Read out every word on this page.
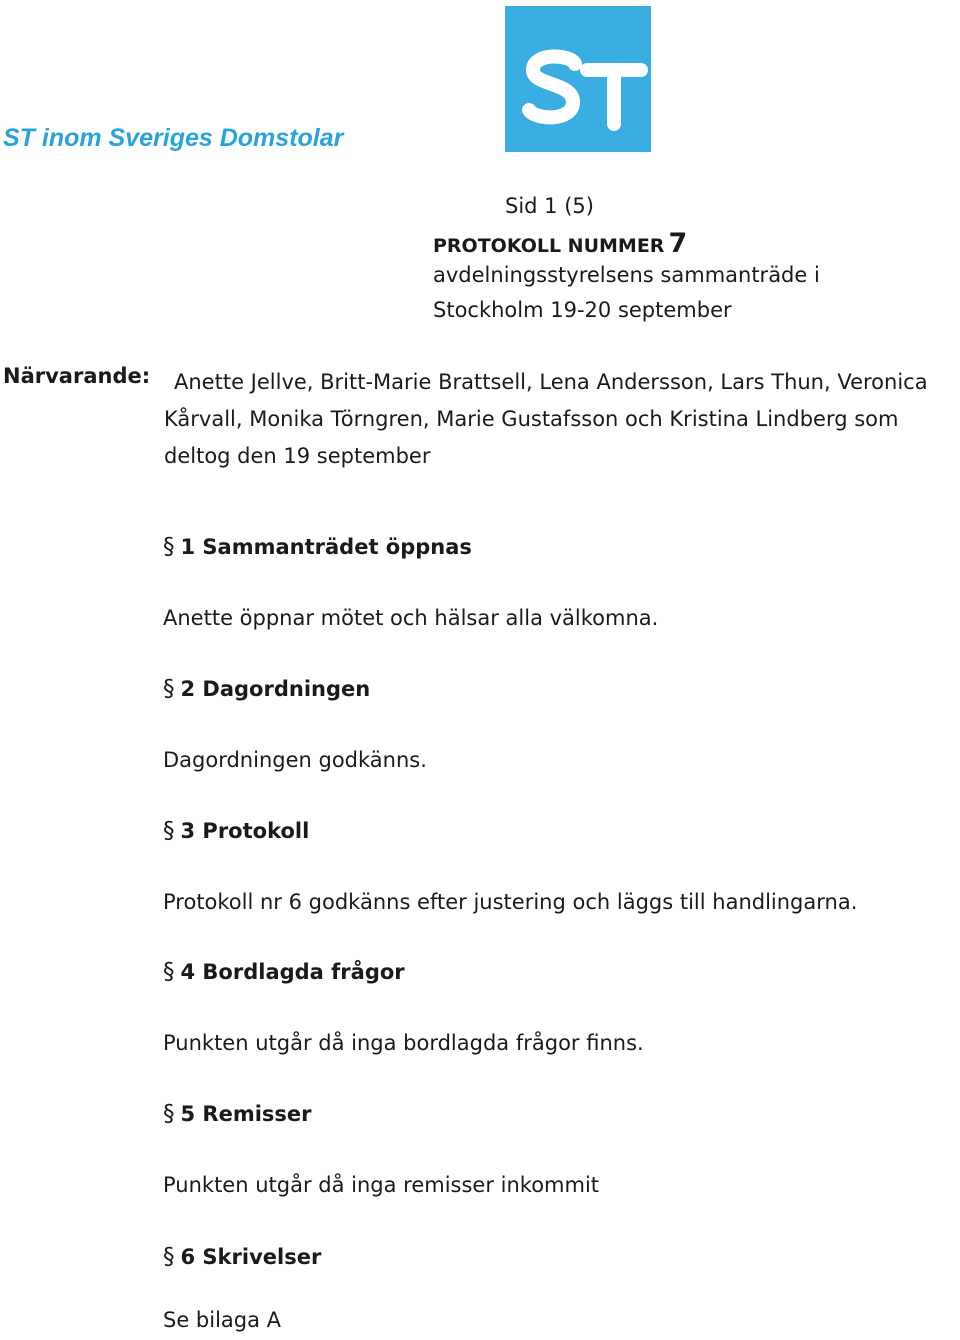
ST inom Sveriges Domstolar
Sid 1 (5)
PROTOKOLL NUMMER 7
avdelningsstyrelsens sammanträde i
Stockholm 19-20 september
Närvarande:	Anette Jellve, Britt-Marie Brattsell, Lena Andersson, Lars Thun, Veronica Kårvall, Monika Törngren, Marie Gustafsson och Kristina Lindberg som deltog den 19 september

§ 1 Sammanträdet öppnas

Anette öppnar mötet och hälsar alla välkomna.

§ 2 Dagordningen

Dagordningen godkänns.

§ 3 Protokoll

Protokoll nr 6 godkänns efter justering och läggs till handlingarna.

§ 4 Bordlagda frågor

Punkten utgår då inga bordlagda frågor finns.

§ 5 Remisser

Punkten utgår då inga remisser inkommit

§ 6 Skrivelser

Se bilaga A
